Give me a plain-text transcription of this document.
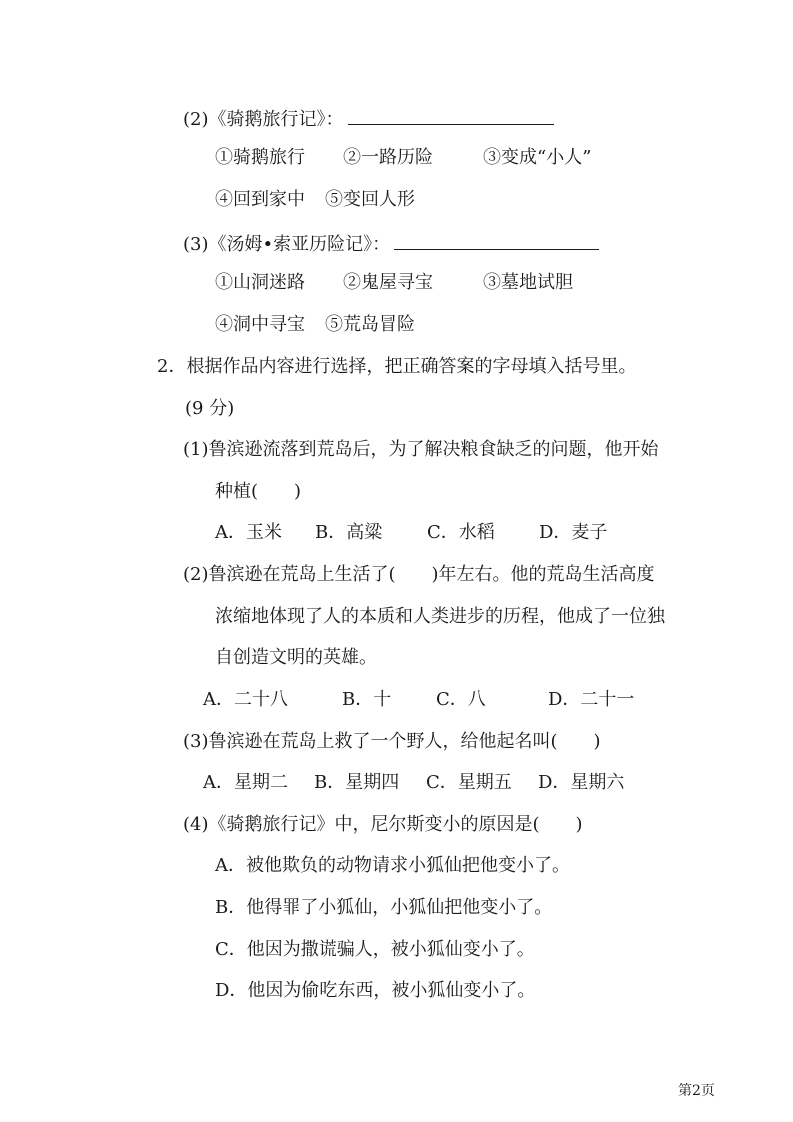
(2)《骑鹅旅行记》：
①骑鹅旅行 ②一路历险	③变成“小人”
④回到家中 ⑤变回人形
(3)《汤姆•索亚历险记》：
①山洞迷路 ②鬼屋寻宝	③墓地试胆
④洞中寻宝 ⑤荒岛冒险
2．根据作品内容进行选择，把正确答案的字母填入括号里。
(9 分)
(1)鲁滨逊流落到荒岛后，为了解决粮食缺乏的问题，他开始
种植(　　)
A．玉米 B．高粱 C．水稻 D．麦子
(2)鲁滨逊在荒岛上生活了(　　)年左右。他的荒岛生活高度
浓缩地体现了人的本质和人类进步的历程，他成了一位独
自创造文明的英雄。
A．二十八	B．十 C．八	D．二十一
(3)鲁滨逊在荒岛上救了一个野人，给他起名叫(　　)
A．星期二 B．星期四 C．星期五 D．星期六
(4)《骑鹅旅行记》中，尼尔斯变小的原因是(　　)
A．被他欺负的动物请求小狐仙把他变小了。
B．他得罪了小狐仙，小狐仙把他变小了。
C．他因为撒谎骗人，被小狐仙变小了。
D．他因为偷吃东西，被小狐仙变小了。
第2页
